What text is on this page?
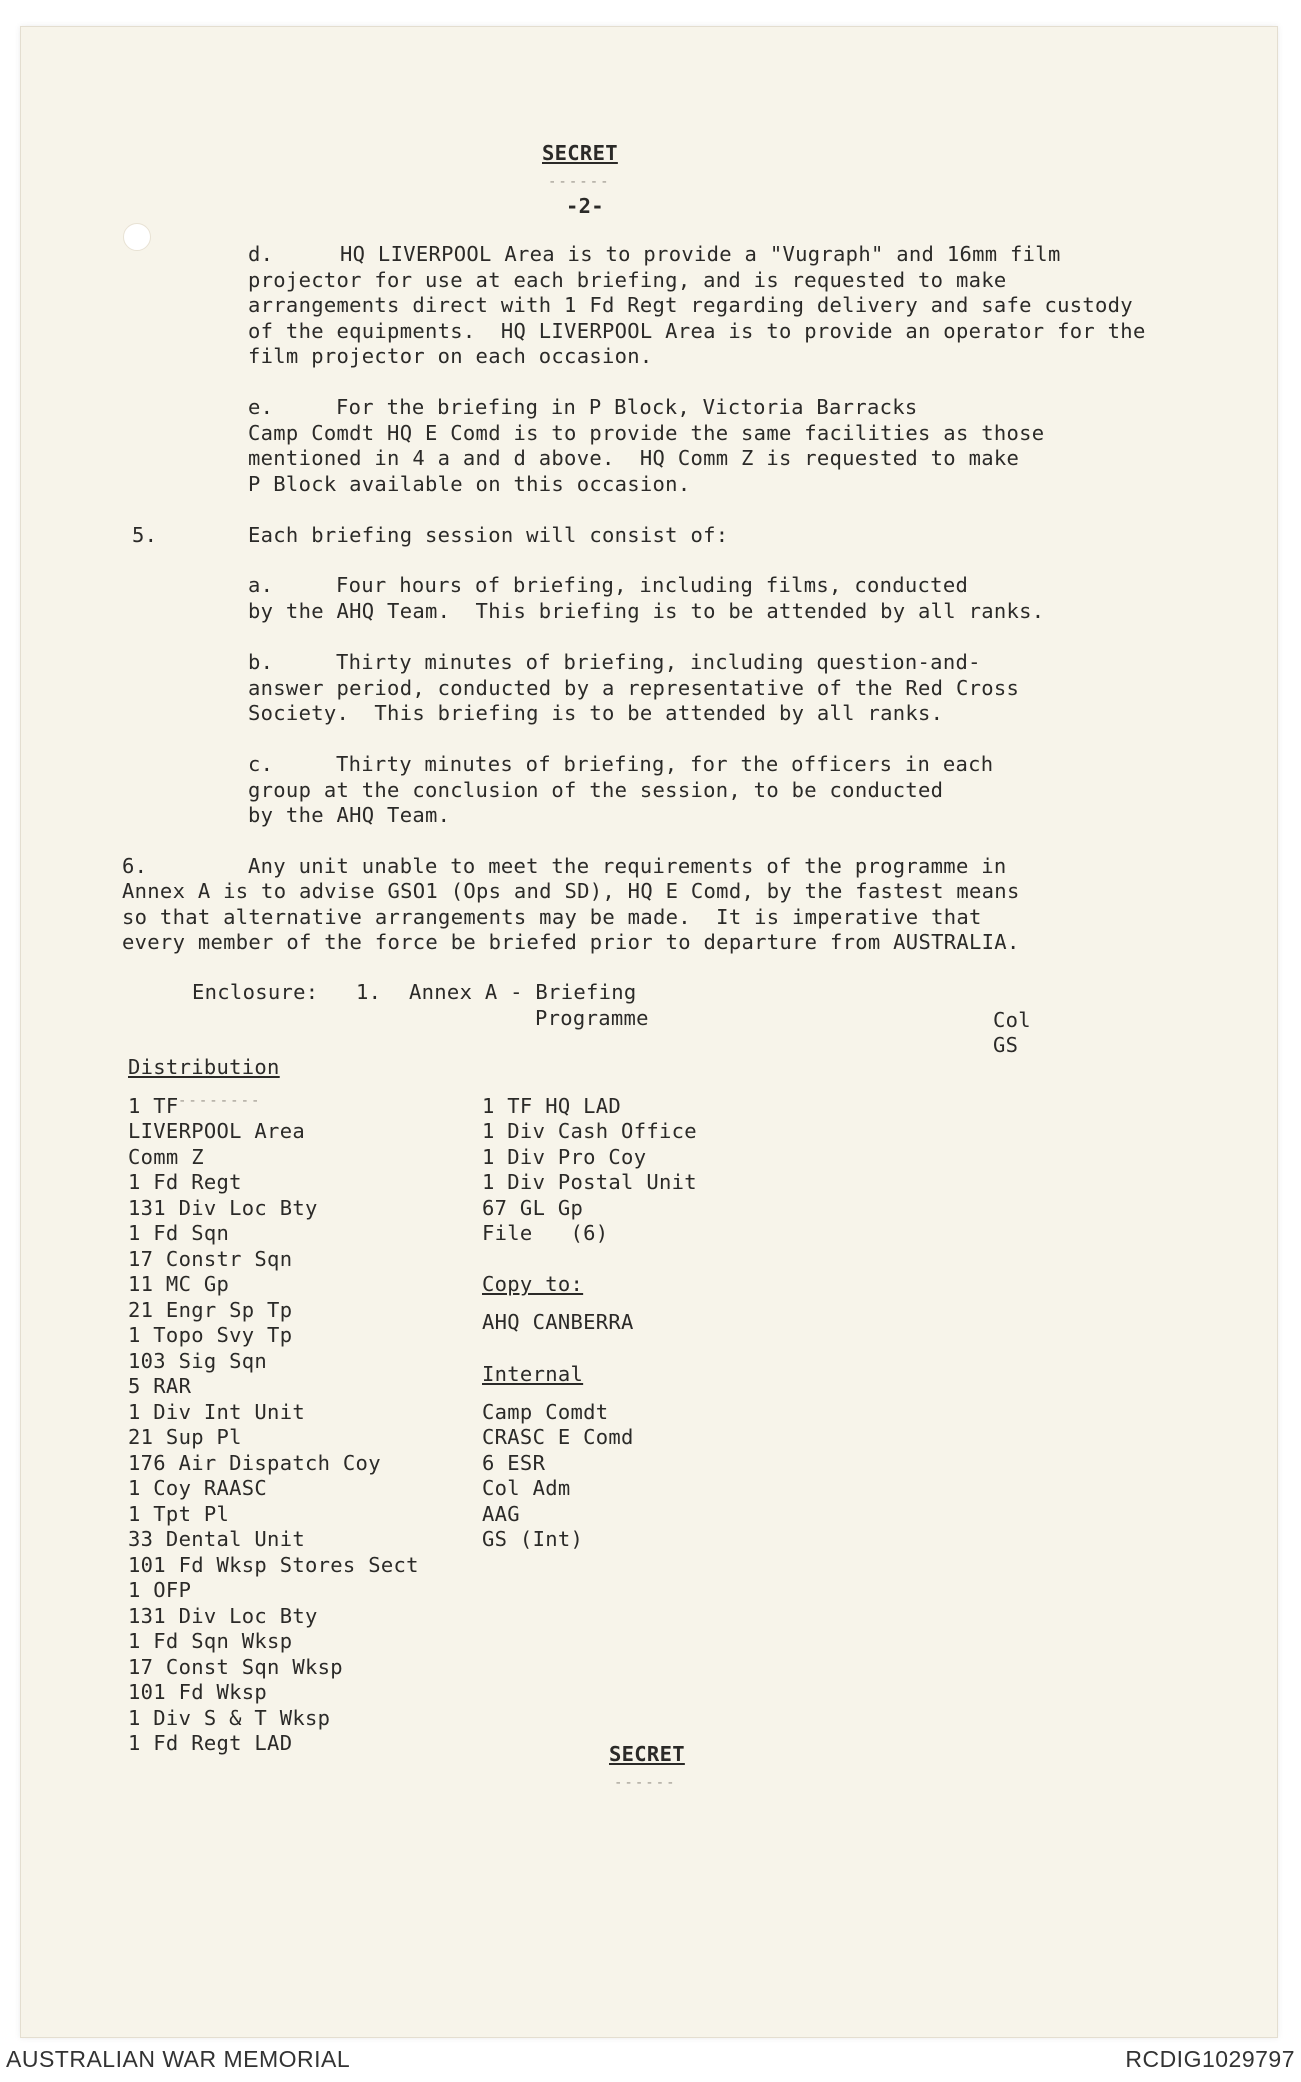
SECRET
------
-2-
d.	HQ LIVERPOOL Area is to provide a "Vugraph" and 16mm film
projector for use at each briefing, and is requested to make
arrangements direct with 1 Fd Regt regarding delivery and safe custody
of the equipments.  HQ LIVERPOOL Area is to provide an operator for the
film projector on each occasion.
e.	For the briefing in P Block, Victoria Barracks
Camp Comdt HQ E Comd is to provide the same facilities as those
mentioned in 4 a and d above.  HQ Comm Z is requested to make
P Block available on this occasion.
5.	Each briefing session will consist of:
a.	Four hours of briefing, including films, conducted
by the AHQ Team.  This briefing is to be attended by all ranks.
b.	Thirty minutes of briefing, including question-and-
answer period, conducted by a representative of the Red Cross
Society.  This briefing is to be attended by all ranks.
c.	Thirty minutes of briefing, for the officers in each
group at the conclusion of the session, to be conducted
by the AHQ Team.
6.	Any unit unable to meet the requirements of the programme in
Annex A is to advise GSO1 (Ops and SD), HQ E Comd, by the fastest means
so that alternative arrangements may be made.  It is imperative that
every member of the force be briefed prior to departure from AUSTRALIA.
Enclosure: 1. Annex A - Briefing
Programme	Col
GS
Distribution
1 TF --------
LIVERPOOL Area
Comm Z
1 Fd Regt
131 Div Loc Bty
1 Fd Sqn
17 Constr Sqn
11 MC Gp
21 Engr Sp Tp
1 Topo Svy Tp
103 Sig Sqn
5 RAR
1 Div Int Unit
21 Sup Pl
176 Air Dispatch Coy
1 Coy RAASC
1 Tpt Pl
33 Dental Unit
101 Fd Wksp Stores Sect
1 OFP
131 Div Loc Bty
1 Fd Sqn Wksp
17 Const Sqn Wksp
101 Fd Wksp
1 Div S & T Wksp
1 Fd Regt LAD
1 TF HQ LAD
1 Div Cash Office
1 Div Pro Coy
1 Div Postal Unit
67 GL Gp
File   (6)
Copy to:
AHQ CANBERRA
Internal
Camp Comdt
CRASC E Comd
6 ESR
Col Adm
AAG
GS (Int)
SECRET
------
AUSTRALIAN WAR MEMORIAL	RCDIG1029797
